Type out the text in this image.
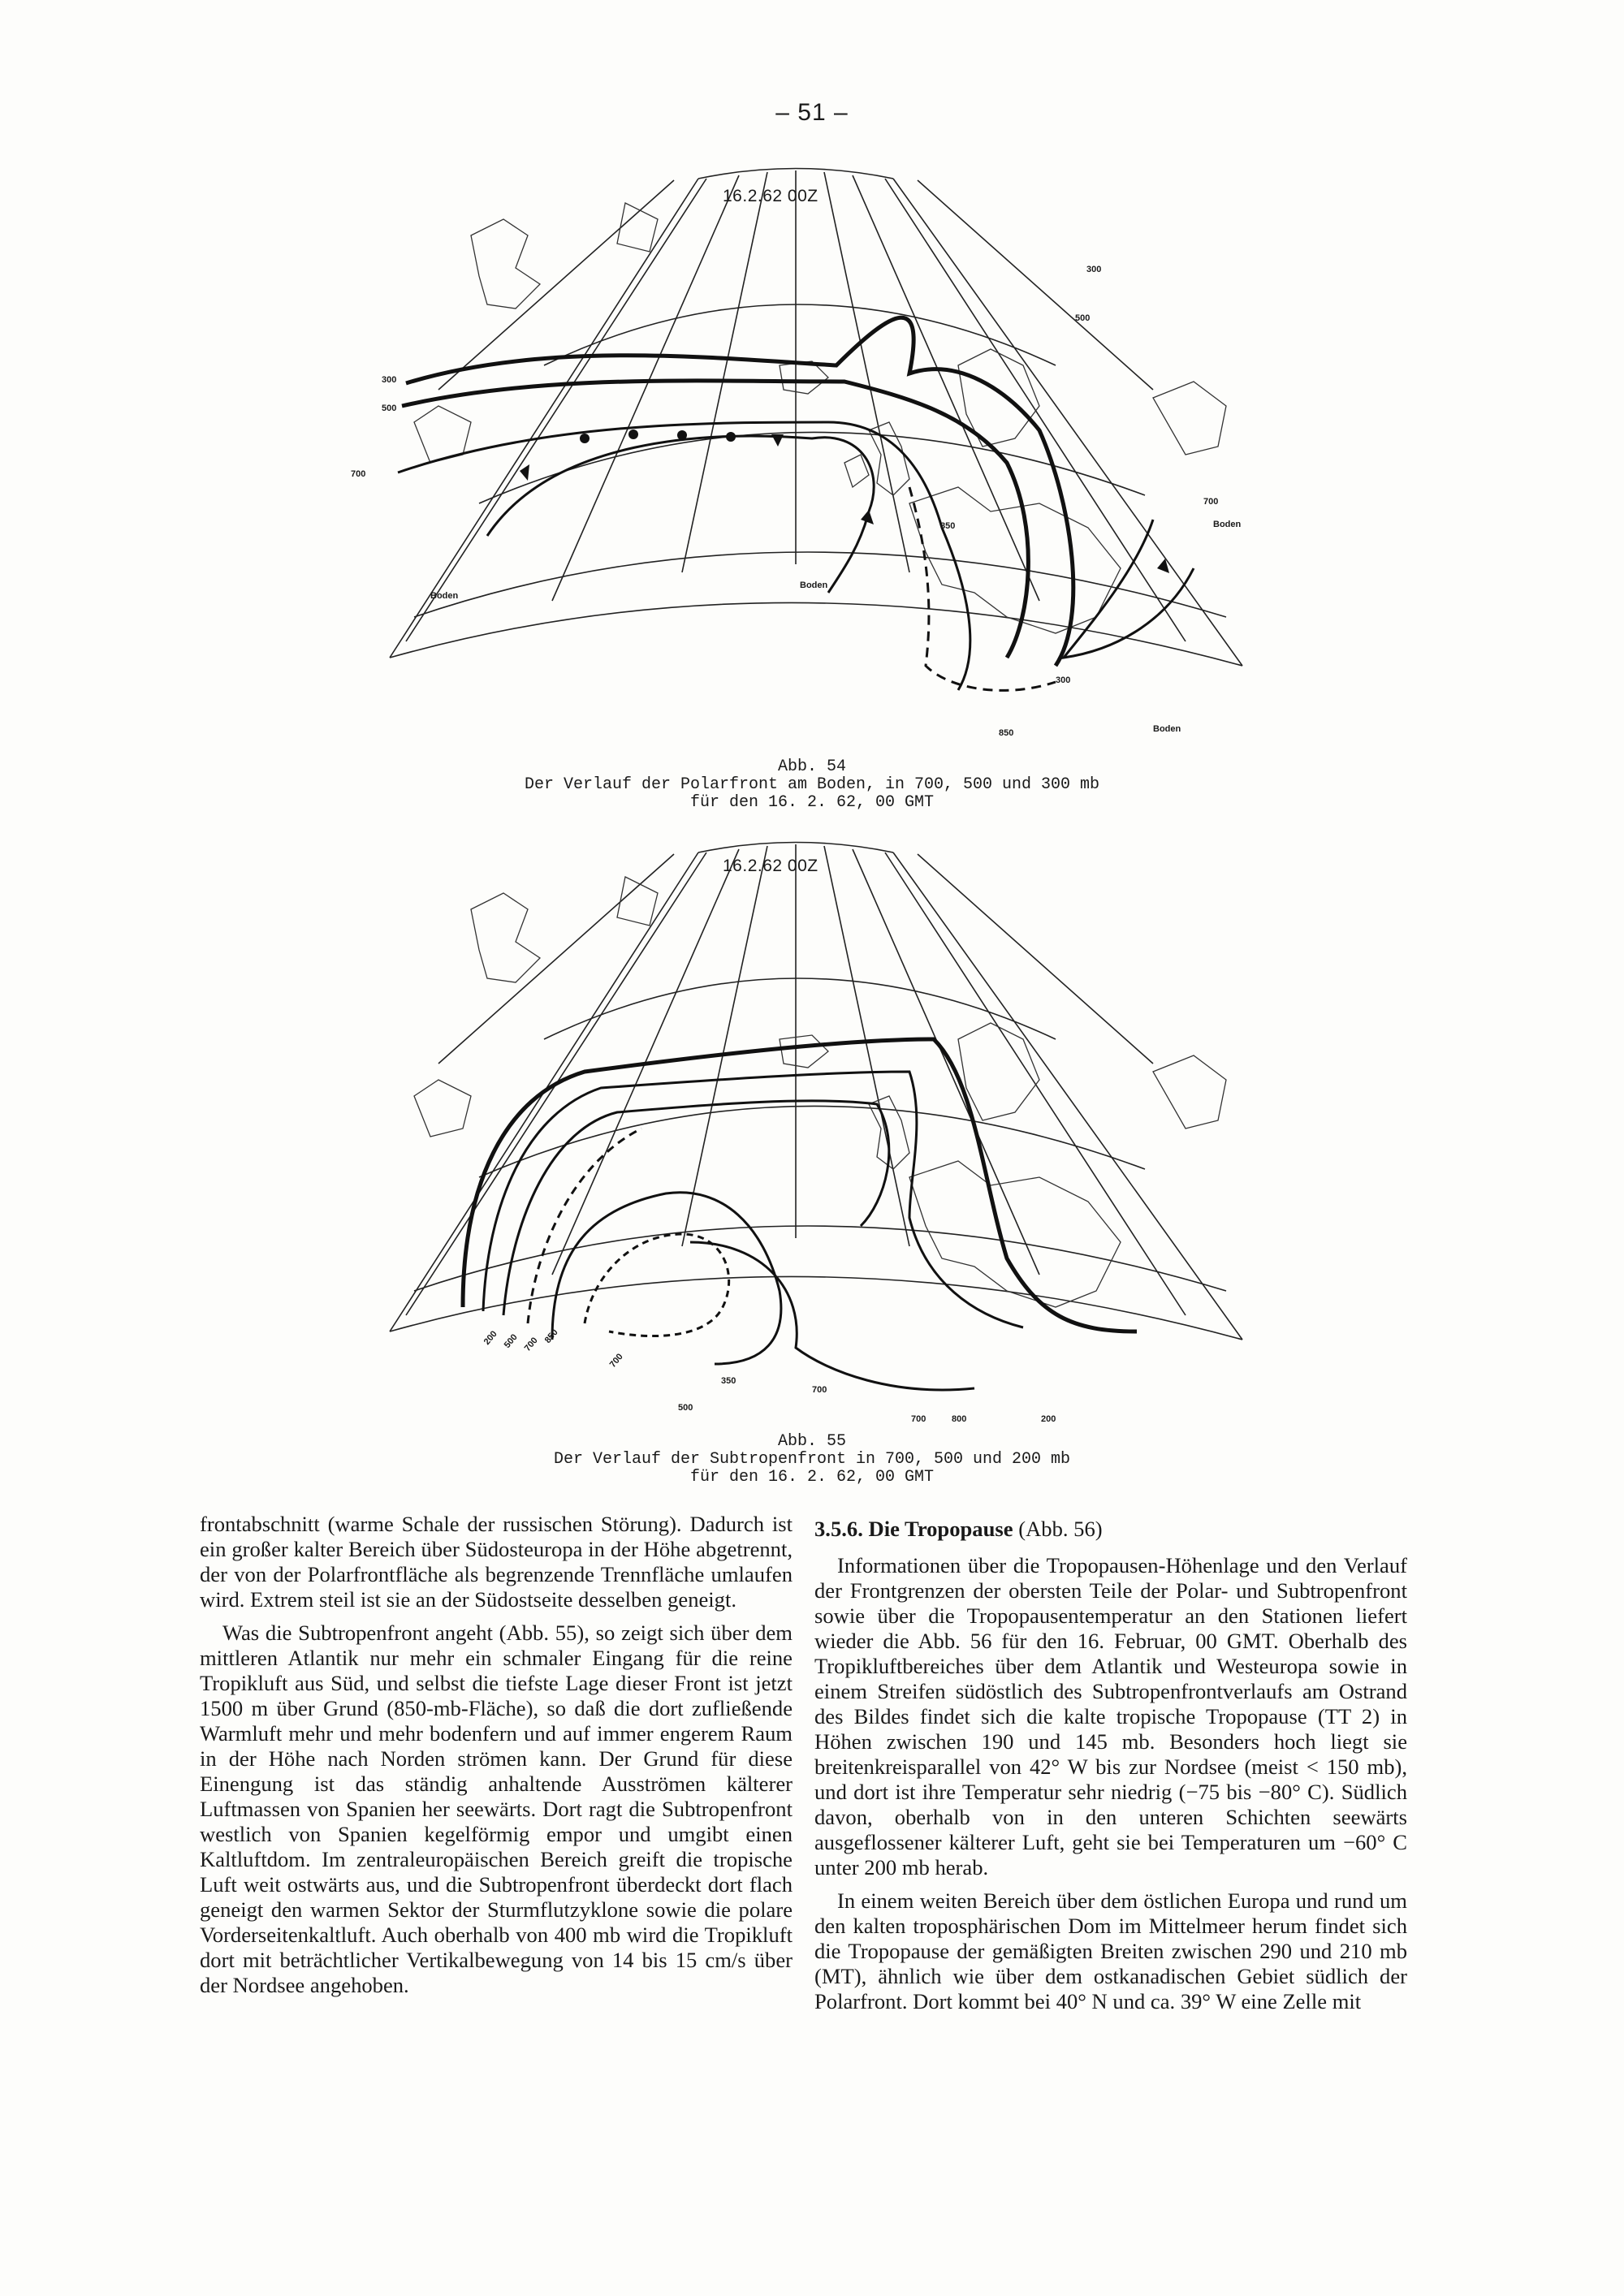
– 51 –
16.2.62 00Z
300
500
700
Boden
Boden
300
500
700
Boden
850
300
850	Boden
Abb. 54
Der Verlauf der Polarfront am Boden, in 700, 500 und 300 mb
für den 16. 2. 62, 00 GMT
16.2.62 00Z
200 500 700 850
700
350
500
700
700	800	200
Abb. 55
Der Verlauf der Subtropenfront in 700, 500 und 200 mb
für den 16. 2. 62, 00 GMT

frontabschnitt (warme Schale der russischen Störung). Dadurch ist ein großer kalter Bereich über Südosteuropa in der Höhe abgetrennt, der von der Polarfrontfläche als begrenzende Trennfläche umlaufen wird. Extrem steil ist sie an der Südostseite desselben geneigt.

Was die Subtropenfront angeht (Abb. 55), so zeigt sich über dem mittleren Atlantik nur mehr ein schmaler Eingang für die reine Tropikluft aus Süd, und selbst die tiefste Lage dieser Front ist jetzt 1500 m über Grund (850-mb-Fläche), so daß die dort zufließende Warmluft mehr und mehr bodenfern und auf immer engerem Raum in der Höhe nach Norden strömen kann. Der Grund für diese Einengung ist das ständig anhaltende Ausströmen kälterer Luftmassen von Spanien her seewärts. Dort ragt die Subtropenfront westlich von Spanien kegelförmig empor und umgibt einen Kaltluftdom. Im zentraleuropäischen Bereich greift die tropische Luft weit ostwärts aus, und die Subtropenfront überdeckt dort flach geneigt den warmen Sektor der Sturmflutzyklone sowie die polare Vorderseitenkaltluft. Auch oberhalb von 400 mb wird die Tropikluft dort mit beträchtlicher Vertikalbewegung von 14 bis 15 cm/s über der Nordsee angehoben.

3.5.6. Die Tropopause (Abb. 56)

Informationen über die Tropopausen-Höhenlage und den Verlauf der Frontgrenzen der obersten Teile der Polar- und Subtropenfront sowie über die Tropopausentemperatur an den Stationen liefert wieder die Abb. 56 für den 16. Februar, 00 GMT. Oberhalb des Tropikluftbereiches über dem Atlantik und Westeuropa sowie in einem Streifen südöstlich des Subtropenfrontverlaufs am Ostrand des Bildes findet sich die kalte tropische Tropopause (TT 2) in Höhen zwischen 190 und 145 mb. Besonders hoch liegt sie breitenkreisparallel von 42° W bis zur Nordsee (meist < 150 mb), und dort ist ihre Temperatur sehr niedrig (−75 bis −80° C). Südlich davon, oberhalb von in den unteren Schichten seewärts ausgeflossener kälterer Luft, geht sie bei Temperaturen um −60° C unter 200 mb herab.

In einem weiten Bereich über dem östlichen Europa und rund um den kalten troposphärischen Dom im Mittelmeer herum findet sich die Tropopause der gemäßigten Breiten zwischen 290 und 210 mb (MT), ähnlich wie über dem ostkanadischen Gebiet südlich der Polarfront. Dort kommt bei 40° N und ca. 39° W eine Zelle mit
